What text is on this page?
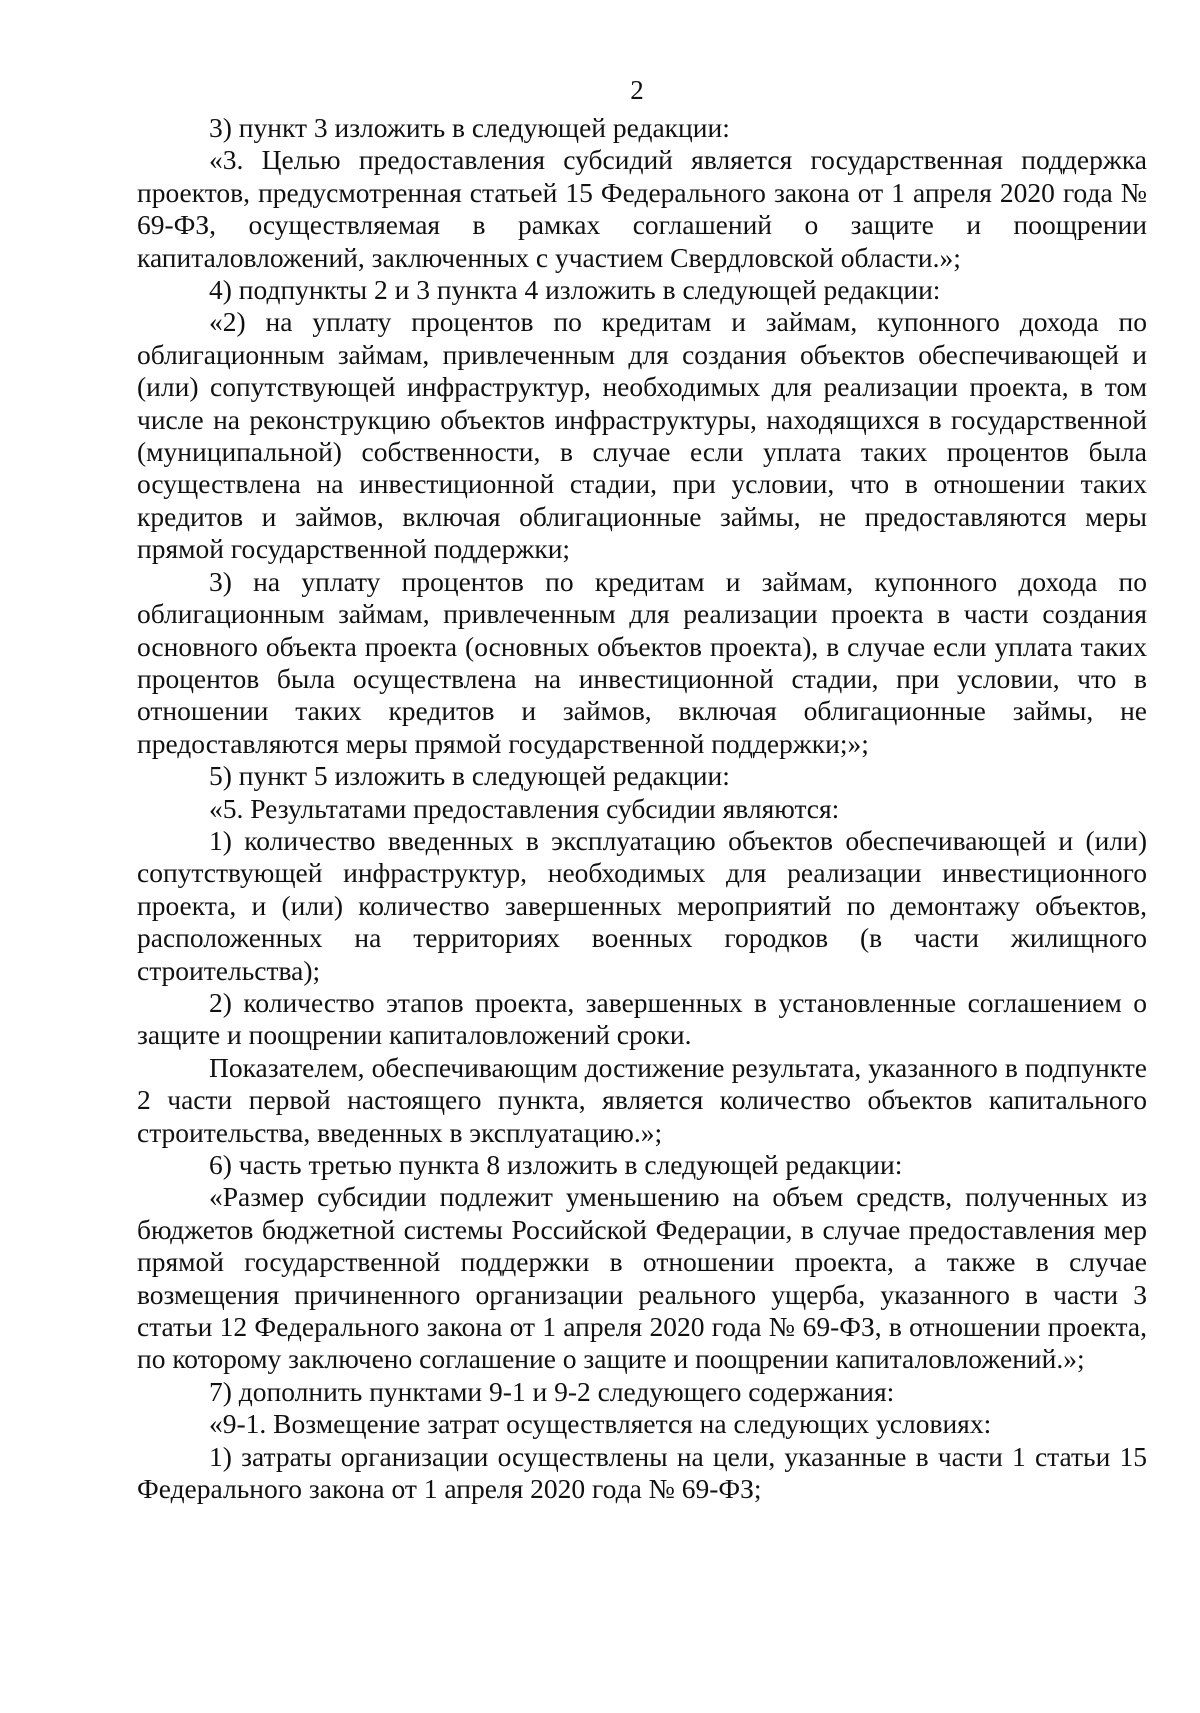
2

3) пункт 3 изложить в следующей редакции:

«3. Целью предоставления субсидий является государственная поддержка проектов, предусмотренная статьей 15 Федерального закона от 1 апреля 2020 года № 69-ФЗ, осуществляемая в рамках соглашений о защите и поощрении капиталовложений, заключенных с участием Свердловской области.»;

4) подпункты 2 и 3 пункта 4 изложить в следующей редакции:

«2) на уплату процентов по кредитам и займам, купонного дохода по облигационным займам, привлеченным для создания объектов обеспечивающей и (или) сопутствующей инфраструктур, необходимых для реализации проекта, в том числе на реконструкцию объектов инфраструктуры, находящихся в государственной (муниципальной) собственности, в случае если уплата таких процентов была осуществлена на инвестиционной стадии, при условии, что в отношении таких кредитов и займов, включая облигационные займы, не предоставляются меры прямой государственной поддержки;

3) на уплату процентов по кредитам и займам, купонного дохода по облигационным займам, привлеченным для реализации проекта в части создания основного объекта проекта (основных объектов проекта), в случае если уплата таких процентов была осуществлена на инвестиционной стадии, при условии, что в отношении таких кредитов и займов, включая облигационные займы, не предоставляются меры прямой государственной поддержки;»;

5) пункт 5 изложить в следующей редакции:

«5. Результатами предоставления субсидии являются:

1) количество введенных в эксплуатацию объектов обеспечивающей и (или) сопутствующей инфраструктур, необходимых для реализации инвестиционного проекта, и (или) количество завершенных мероприятий по демонтажу объектов, расположенных на территориях военных городков (в части жилищного строительства);

2) количество этапов проекта, завершенных в установленные соглашением о защите и поощрении капиталовложений сроки.

Показателем, обеспечивающим достижение результата, указанного в подпункте 2 части первой настоящего пункта, является количество объектов капитального строительства, введенных в эксплуатацию.»;

6) часть третью пункта 8 изложить в следующей редакции:

«Размер субсидии подлежит уменьшению на объем средств, полученных из бюджетов бюджетной системы Российской Федерации, в случае предоставления мер прямой государственной поддержки в отношении проекта, а также в случае возмещения причиненного организации реального ущерба, указанного в части 3 статьи 12 Федерального закона от 1 апреля 2020 года № 69-ФЗ, в отношении проекта, по которому заключено соглашение о защите и поощрении капиталовложений.»;

7) дополнить пунктами 9-1 и 9-2 следующего содержания:

«9-1. Возмещение затрат осуществляется на следующих условиях:

1) затраты организации осуществлены на цели, указанные в части 1 статьи 15 Федерального закона от 1 апреля 2020 года № 69-ФЗ;
